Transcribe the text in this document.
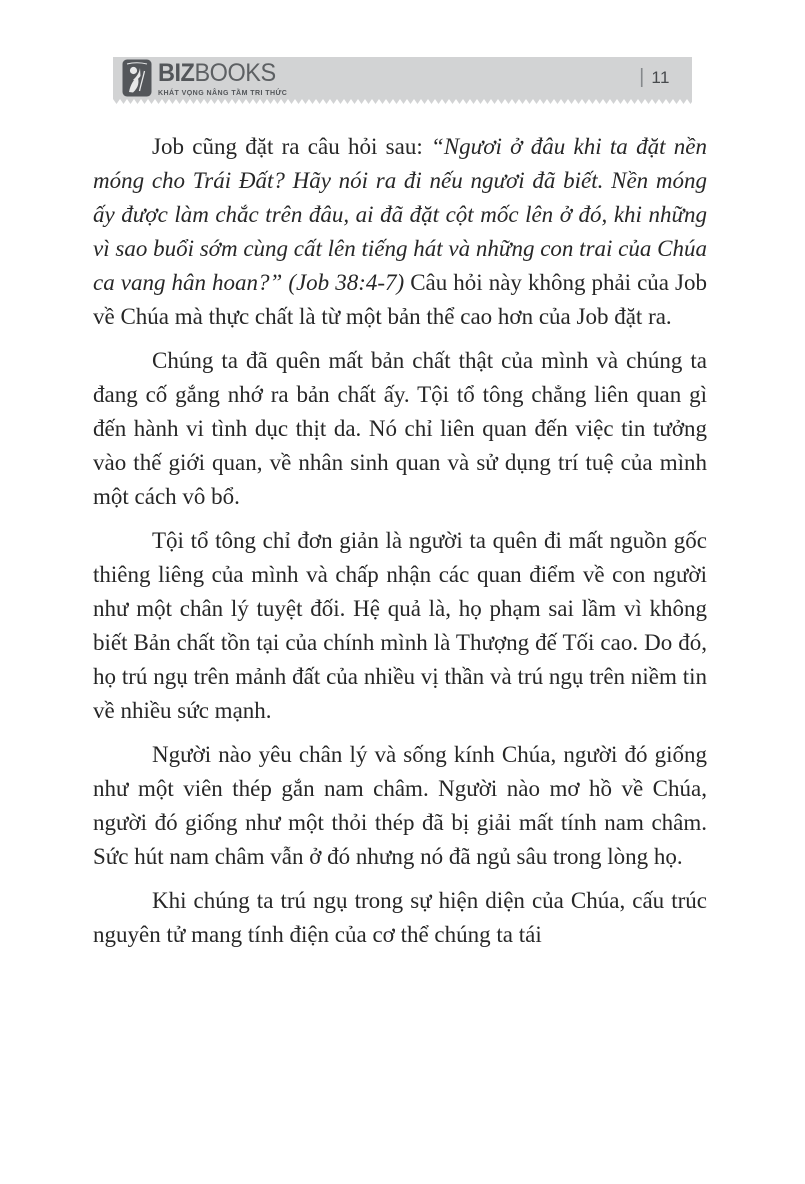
BIZBOOKS
KHÁT VỌNG NÂNG TẦM TRI THỨC
| 11

Job cũng đặt ra câu hỏi sau: “Ngươi ở đâu khi ta đặt nền móng cho Trái Đất? Hãy nói ra đi nếu ngươi đã biết. Nền móng ấy được làm chắc trên đâu, ai đã đặt cột mốc lên ở đó, khi những vì sao buổi sớm cùng cất lên tiếng hát và những con trai của Chúa ca vang hân hoan?” (Job 38:4-7) Câu hỏi này không phải của Job về Chúa mà thực chất là từ một bản thể cao hơn của Job đặt ra.

Chúng ta đã quên mất bản chất thật của mình và chúng ta đang cố gắng nhớ ra bản chất ấy. Tội tổ tông chẳng liên quan gì đến hành vi tình dục thịt da. Nó chỉ liên quan đến việc tin tưởng vào thế giới quan, về nhân sinh quan và sử dụng trí tuệ của mình một cách vô bổ.

Tội tổ tông chỉ đơn giản là người ta quên đi mất nguồn gốc thiêng liêng của mình và chấp nhận các quan điểm về con người như một chân lý tuyệt đối. Hệ quả là, họ phạm sai lầm vì không biết Bản chất tồn tại của chính mình là Thượng đế Tối cao. Do đó, họ trú ngụ trên mảnh đất của nhiều vị thần và trú ngụ trên niềm tin về nhiều sức mạnh.

Người nào yêu chân lý và sống kính Chúa, người đó giống như một viên thép gắn nam châm. Người nào mơ hồ về Chúa, người đó giống như một thỏi thép đã bị giải mất tính nam châm. Sức hút nam châm vẫn ở đó nhưng nó đã ngủ sâu trong lòng họ.

Khi chúng ta trú ngụ trong sự hiện diện của Chúa, cấu trúc nguyên tử mang tính điện của cơ thể chúng ta tái
